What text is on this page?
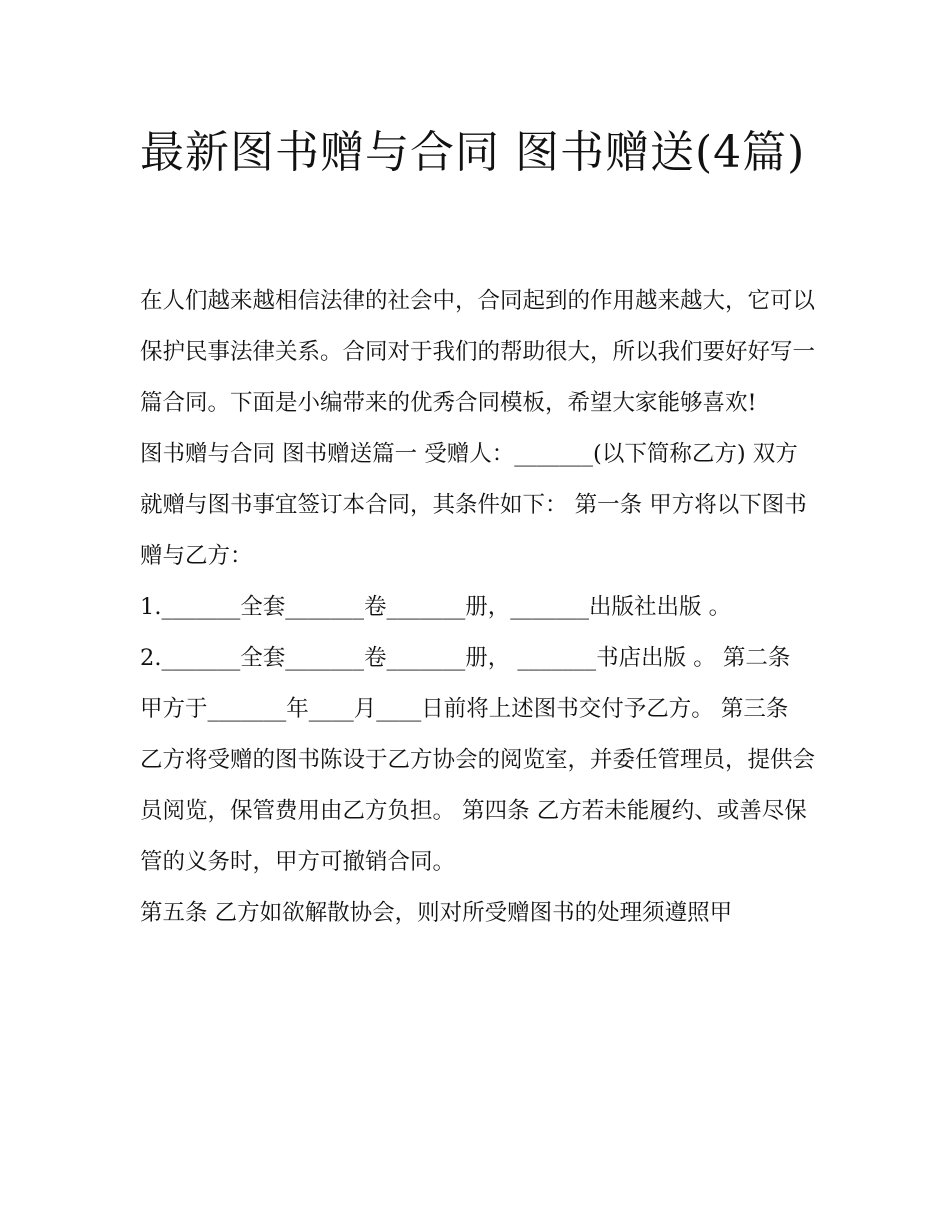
最新图书赠与合同 图书赠送(4篇)

在人们越来越相信法律的社会中，合同起到的作用越来越大，它可以保护民事法律关系。合同对于我们的帮助很大，所以我们要好好写一篇合同。下面是小编带来的优秀合同模板，希望大家能够喜欢!

图书赠与合同 图书赠送篇一 受赠人：_______(以下简称乙方) 双方就赠与图书事宜签订本合同，其条件如下： 第一条 甲方将以下图书赠与乙方：

1._______全套_______卷_______册，_______出版社出版 。

2._______全套_______卷_______册， _______书店出版 。 第二条

甲方于_______年____月____日前将上述图书交付予乙方。 第三条

乙方将受赠的图书陈设于乙方协会的阅览室，并委任管理员，提供会员阅览，保管费用由乙方负担。 第四条 乙方若未能履约、或善尽保管的义务时，甲方可撤销合同。

第五条 乙方如欲解散协会，则对所受赠图书的处理须遵照甲
